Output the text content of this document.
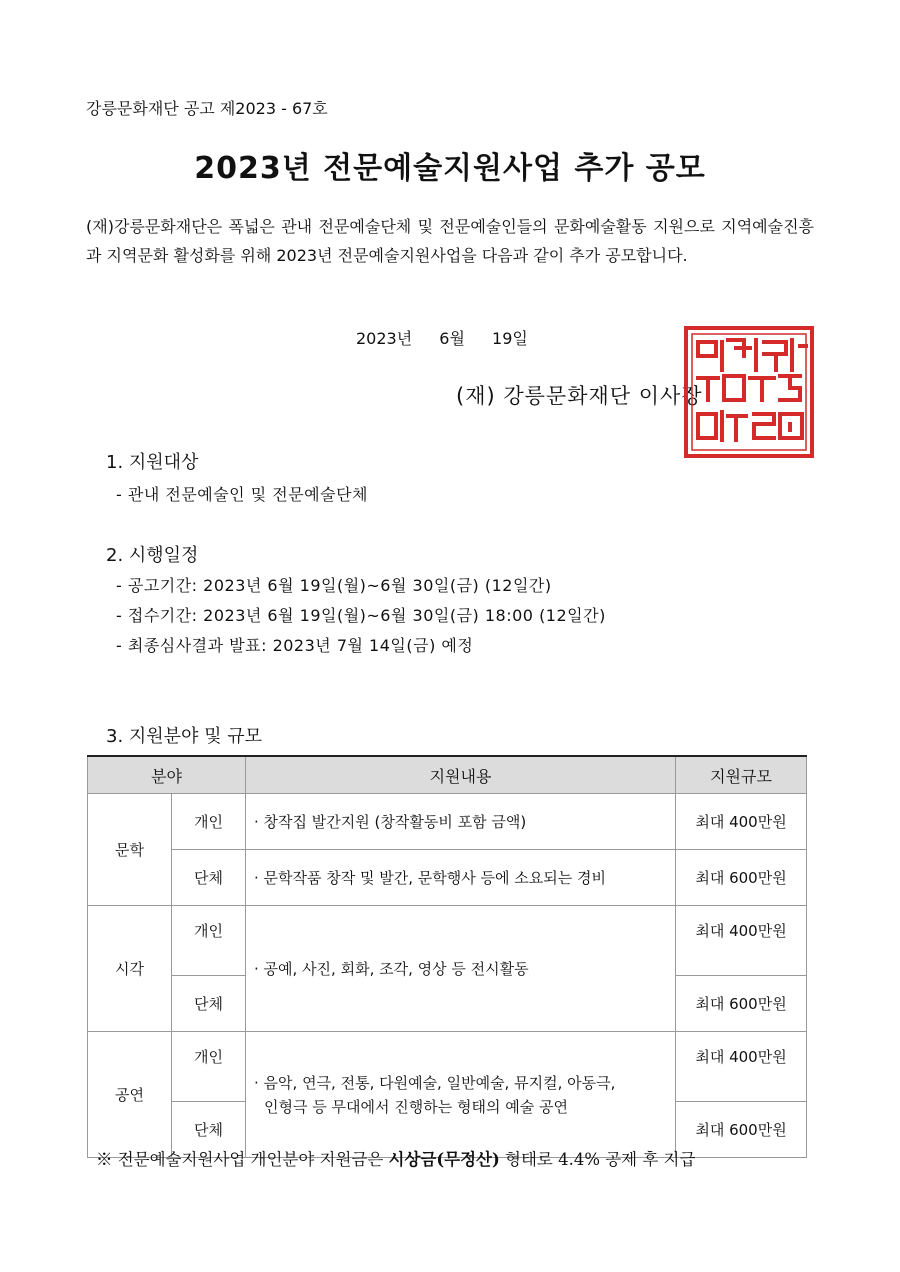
강릉문화재단 공고 제2023 - 67호
2023년 전문예술지원사업 추가 공모
(재)강릉문화재단은 폭넓은 관내 전문예술단체 및 전문예술인들의 문화예술활동 지원으로 지역예술진흥과 지역문화 활성화를 위해 2023년 전문예술지원사업을 다음과 같이 추가 공모합니다.
2023년 6월 19일
(재) 강릉문화재단 이사장
1. 지원대상
- 관내 전문예술인 및 전문예술단체
2. 시행일정
- 공고기간: 2023년 6월 19일(월)~6월 30일(금) (12일간)
- 접수기간: 2023년 6월 19일(월)~6월 30일(금) 18:00 (12일간)
- 최종심사결과 발표: 2023년 7월 14일(금) 예정
3. 지원분야 및 규모
분야		지원내용	지원규모
문학	개인	· 창작집 발간지원 (창작활동비 포함 금액)	최대 400만원
	단체	· 문학작품 창작 및 발간, 문학행사 등에 소요되는 경비	최대 600만원
시각	개인	· 공예, 사진, 회화, 조각, 영상 등 전시활동	최대 400만원
	단체		최대 600만원
공연	개인	· 음악, 연극, 전통, 다원예술, 일반예술, 뮤지컬, 아동극,
인형극 등 무대에서 진행하는 형태의 예술 공연	최대 400만원
	단체		최대 600만원
※ 전문예술지원사업 개인분야 지원금은 시상금(무정산) 형태로 4.4% 공제 후 지급
